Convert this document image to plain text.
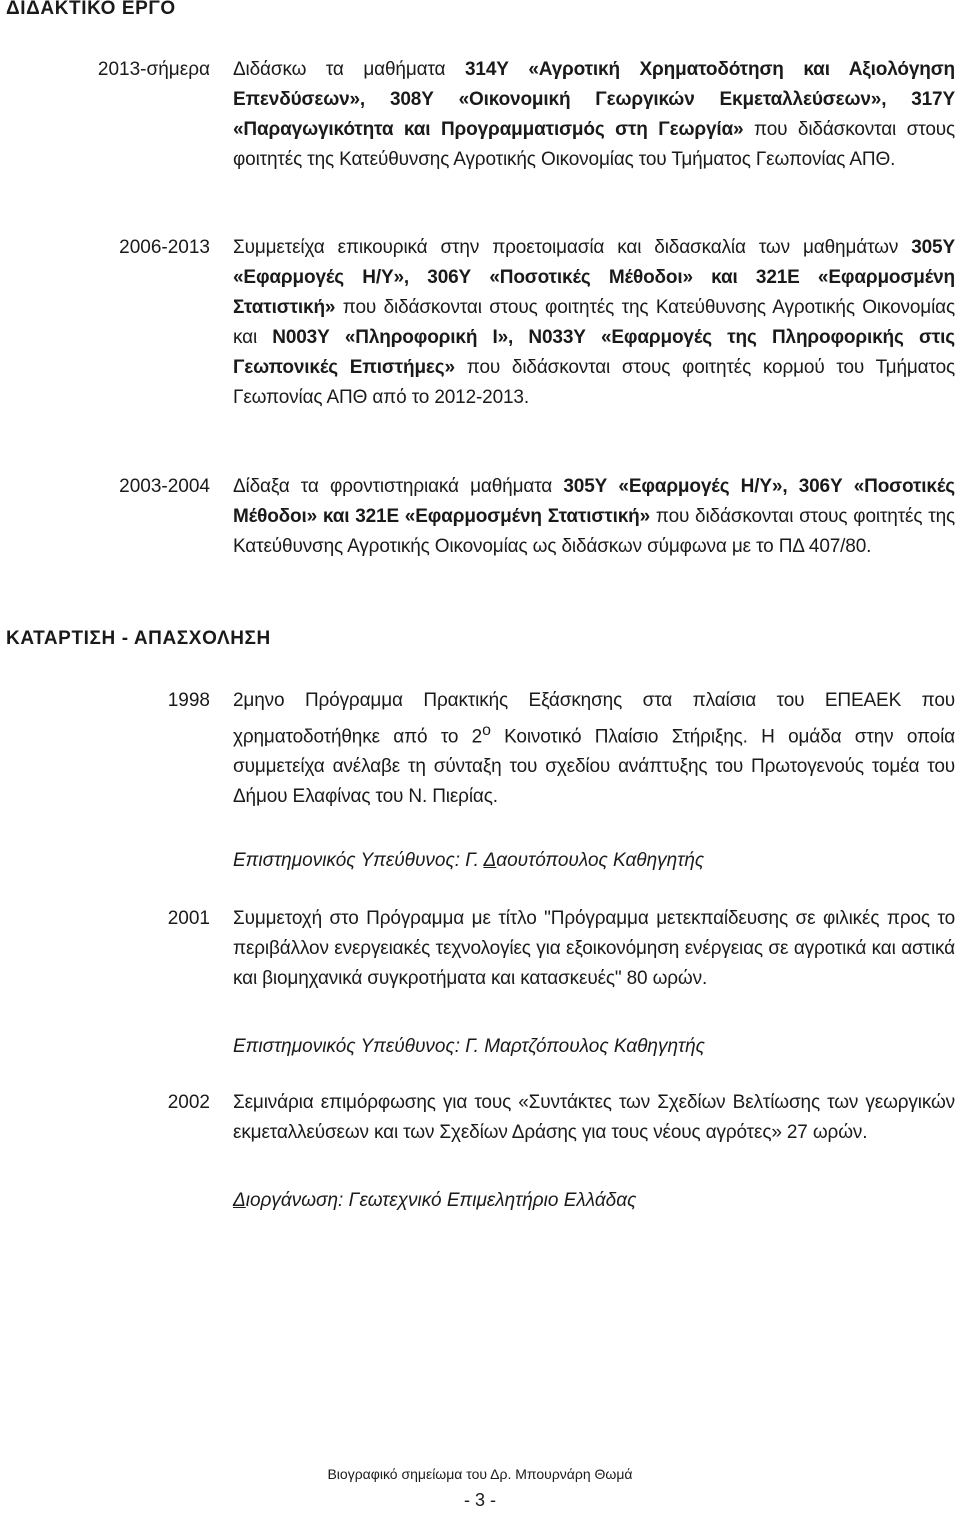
ΔΙΔΑΚΤΙΚΟ ΕΡΓΟ
2013-σήμερα Διδάσκω τα μαθήματα 314Υ «Αγροτική Χρηματοδότηση και Αξιολόγηση Επενδύσεων», 308Υ «Οικονομική Γεωργικών Εκμεταλλεύσεων», 317Υ «Παραγωγικότητα και Προγραμματισμός στη Γεωργία» που διδάσκονται στους φοιτητές της Κατεύθυνσης Αγροτικής Οικονομίας του Τμήματος Γεωπονίας ΑΠΘ.

2006-2013 Συμμετείχα επικουρικά στην προετοιμασία και διδασκαλία των μαθημάτων 305Υ «Εφαρμογές Η/Υ», 306Υ «Ποσοτικές Μέθοδοι» και 321Ε «Εφαρμοσμένη Στατιστική» που διδάσκονται στους φοιτητές της Κατεύθυνσης Αγροτικής Οικονομίας και Ν003Υ «Πληροφορική Ι», Ν033Υ «Εφαρμογές της Πληροφορικής στις Γεωπονικές Επιστήμες» που διδάσκονται στους φοιτητές κορμού του Τμήματος Γεωπονίας ΑΠΘ από το 2012-2013.

2003-2004 Δίδαξα τα φροντιστηριακά μαθήματα 305Υ «Εφαρμογές Η/Υ», 306Υ «Ποσοτικές Μέθοδοι» και 321Ε «Εφαρμοσμένη Στατιστική» που διδάσκονται στους φοιτητές της Κατεύθυνσης Αγροτικής Οικονομίας ως διδάσκων σύμφωνα με το ΠΔ 407/80.

ΚΑΤΑΡΤΙΣΗ - ΑΠΑΣΧΟΛΗΣΗ
1998 2μηνο Πρόγραμμα Πρακτικής Εξάσκησης στα πλαίσια του ΕΠΕΑΕΚ που χρηματοδοτήθηκε από το $2^o$ Κοινοτικό Πλαίσιο Στήριξης. Η ομάδα στην οποία συμμετείχα ανέλαβε τη σύνταξη του σχεδίου ανάπτυξης του Πρωτογενούς τομέα του Δήμου Ελαφίνας του Ν. Πιερίας.

Επιστημονικός Υπεύθυνος: Γ. Δαουτόπουλος Καθηγητής

2001 Συμμετοχή στο Πρόγραμμα με τίτλο "Πρόγραμμα μετεκπαίδευσης σε φιλικές προς το περιβάλλον ενεργειακές τεχνολογίες για εξοικονόμηση ενέργειας σε αγροτικά και αστικά και βιομηχανικά συγκροτήματα και κατασκευές" 80 ωρών.

Επιστημονικός Υπεύθυνος: Γ. Μαρτζόπουλος Καθηγητής

2002 Σεμινάρια επιμόρφωσης για τους «Συντάκτες των Σχεδίων Βελτίωσης των γεωργικών εκμεταλλεύσεων και των Σχεδίων Δράσης για τους νέους αγρότες» 27 ωρών.

Διοργάνωση: Γεωτεχνικό Επιμελητήριο Ελλάδας

Βιογραφικό σημείωμα του Δρ. Μπουρνάρη Θωμά
- 3 -
